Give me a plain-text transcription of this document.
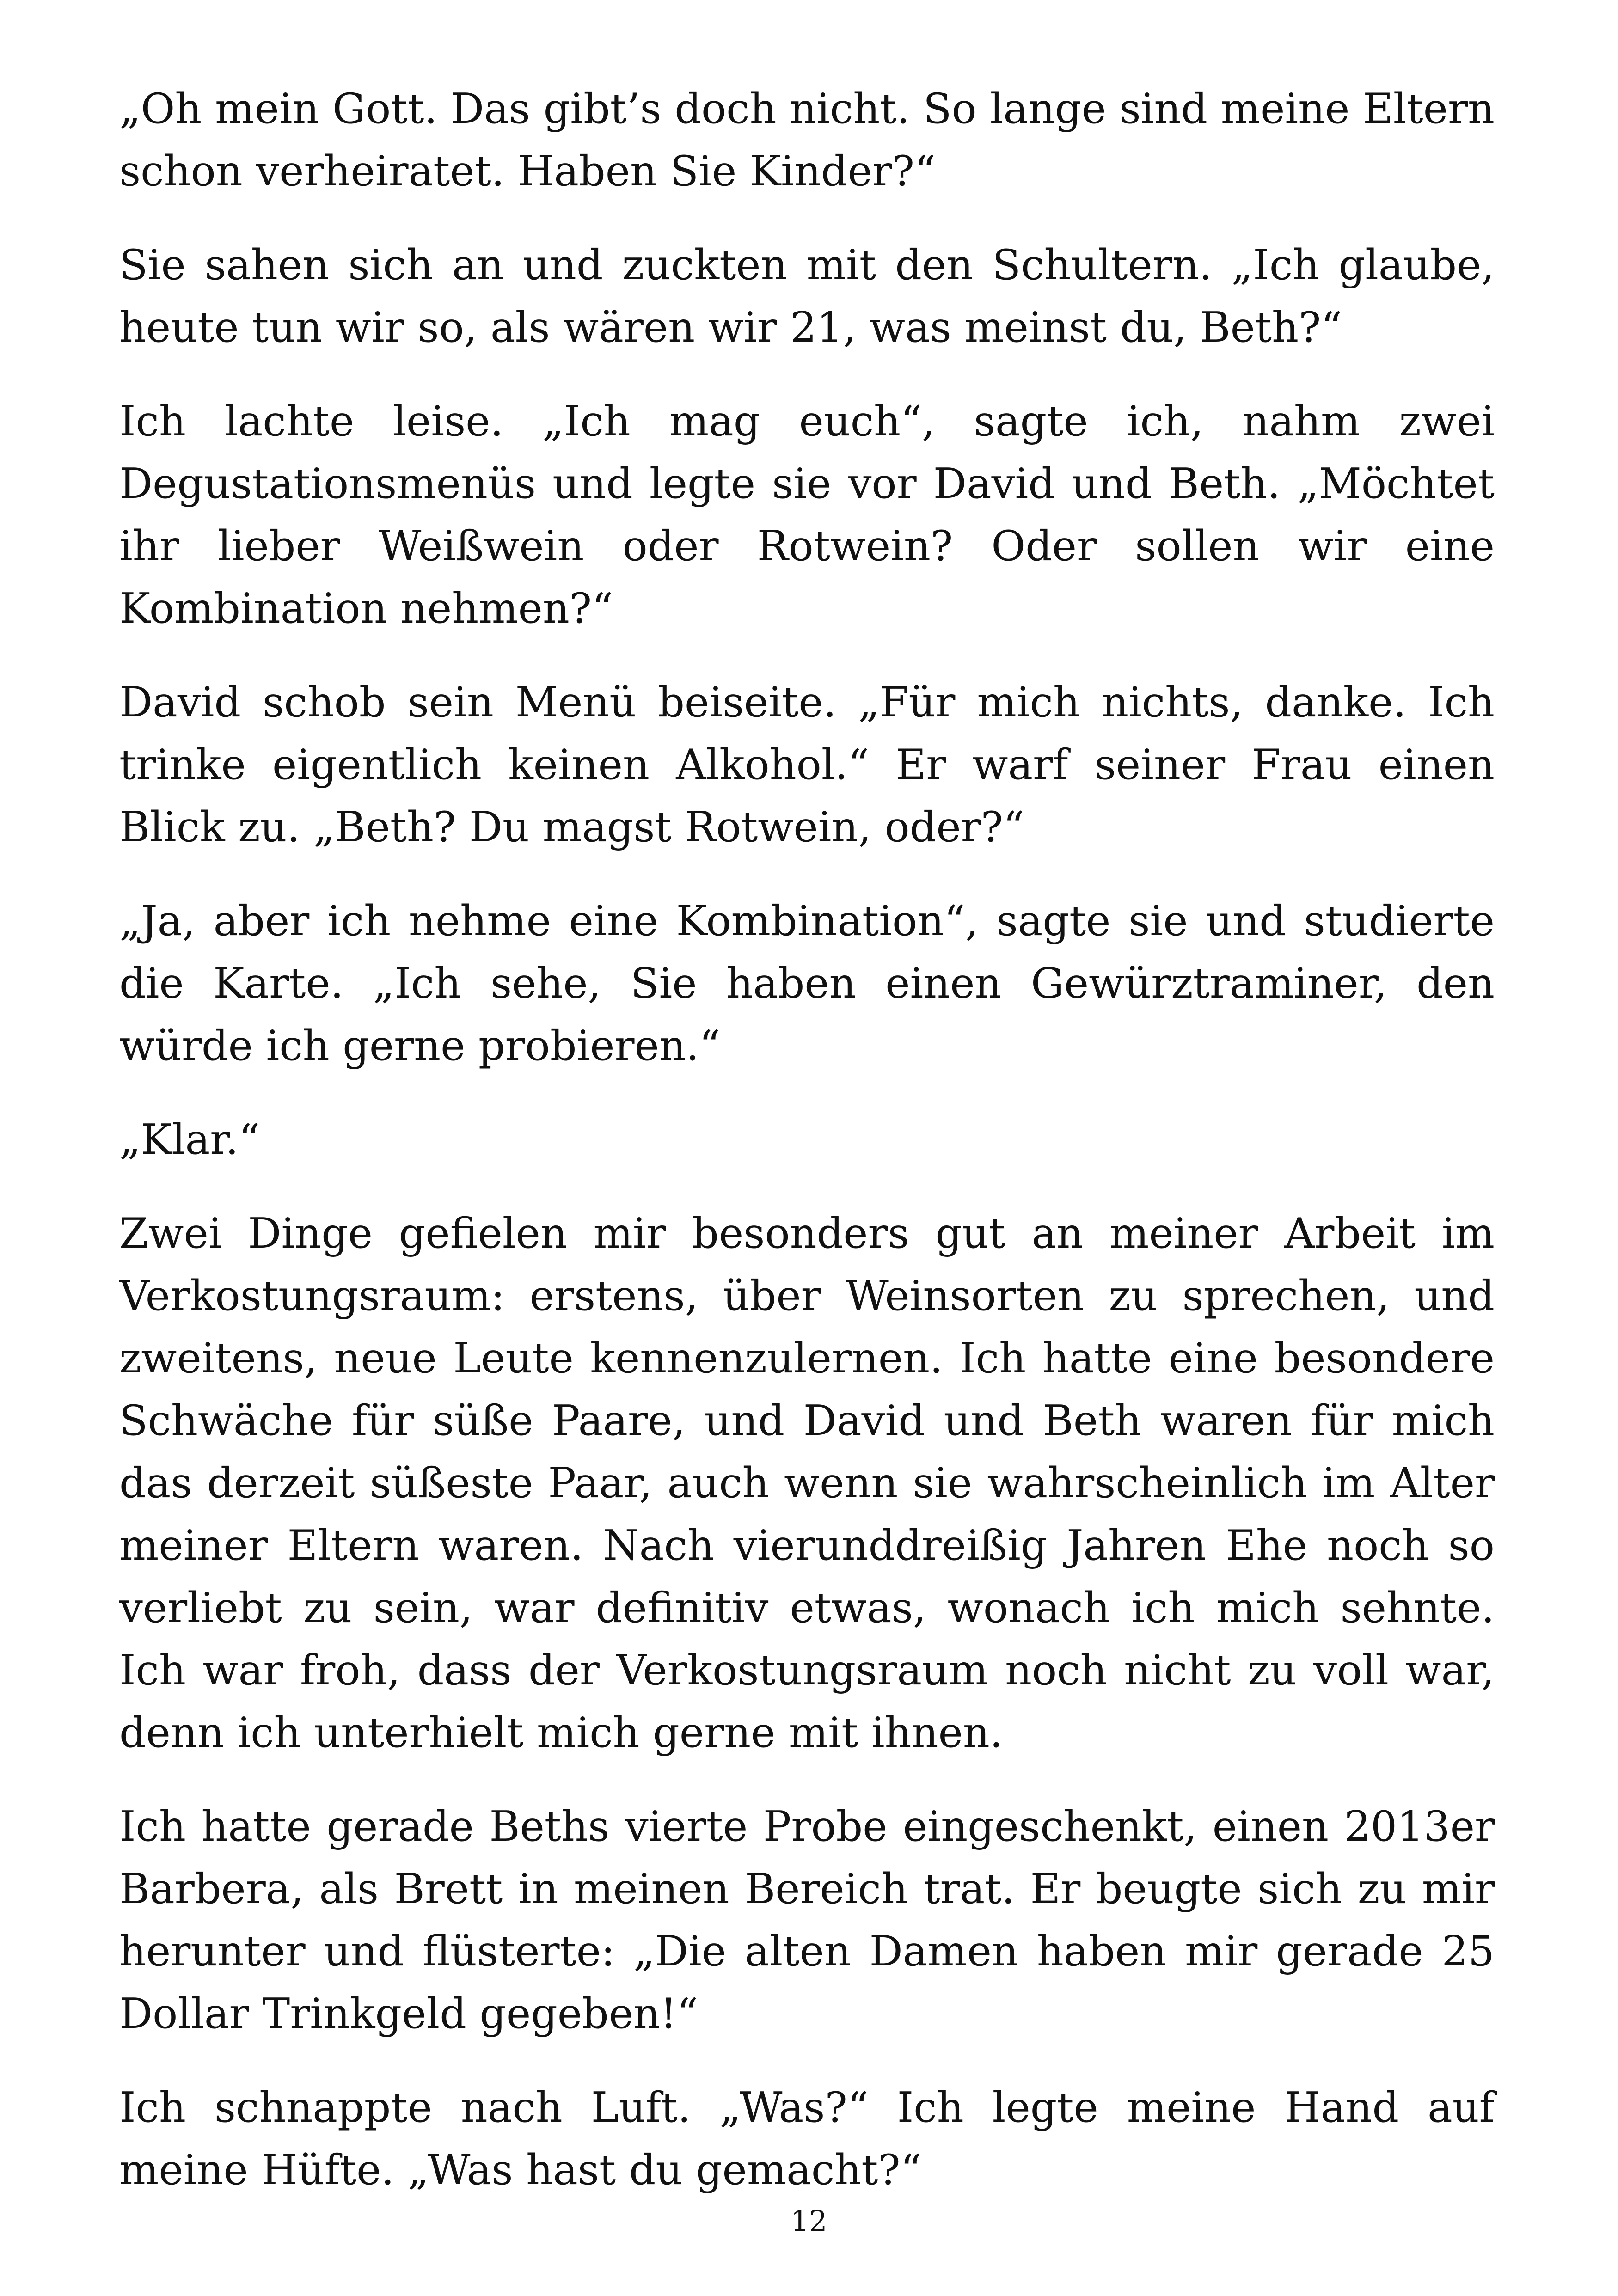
„Oh mein Gott. Das gibt’s doch nicht. So lange sind meine Eltern schon verheiratet. Haben Sie Kinder?“

Sie sahen sich an und zuckten mit den Schultern. „Ich glaube, heute tun wir so, als wären wir 21, was meinst du, Beth?“

Ich lachte leise. „Ich mag euch“, sagte ich, nahm zwei Degustationsmenüs und legte sie vor David und Beth. „Möchtet ihr lieber Weißwein oder Rotwein? Oder sollen wir eine Kombination nehmen?“

David schob sein Menü beiseite. „Für mich nichts, danke. Ich trinke eigentlich keinen Alkohol.“ Er warf seiner Frau einen Blick zu. „Beth? Du magst Rotwein, oder?“

„Ja, aber ich nehme eine Kombination“, sagte sie und studierte die Karte. „Ich sehe, Sie haben einen Gewürztraminer, den würde ich gerne probieren.“

„Klar.“

Zwei Dinge gefielen mir besonders gut an meiner Arbeit im Verkostungsraum: erstens, über Weinsorten zu sprechen, und zweitens, neue Leute kennenzulernen. Ich hatte eine besondere Schwäche für süße Paare, und David und Beth waren für mich das derzeit süßeste Paar, auch wenn sie wahrscheinlich im Alter meiner Eltern waren. Nach vierunddreißig Jahren Ehe noch so verliebt zu sein, war definitiv etwas, wonach ich mich sehnte. Ich war froh, dass der Verkostungsraum noch nicht zu voll war, denn ich unterhielt mich gerne mit ihnen.

Ich hatte gerade Beths vierte Probe eingeschenkt, einen 2013er Barbera, als Brett in meinen Bereich trat. Er beugte sich zu mir herunter und flüsterte: „Die alten Damen haben mir gerade 25 Dollar Trinkgeld gegeben!“

Ich schnappte nach Luft. „Was?“ Ich legte meine Hand auf meine Hüfte. „Was hast du gemacht?“

12
